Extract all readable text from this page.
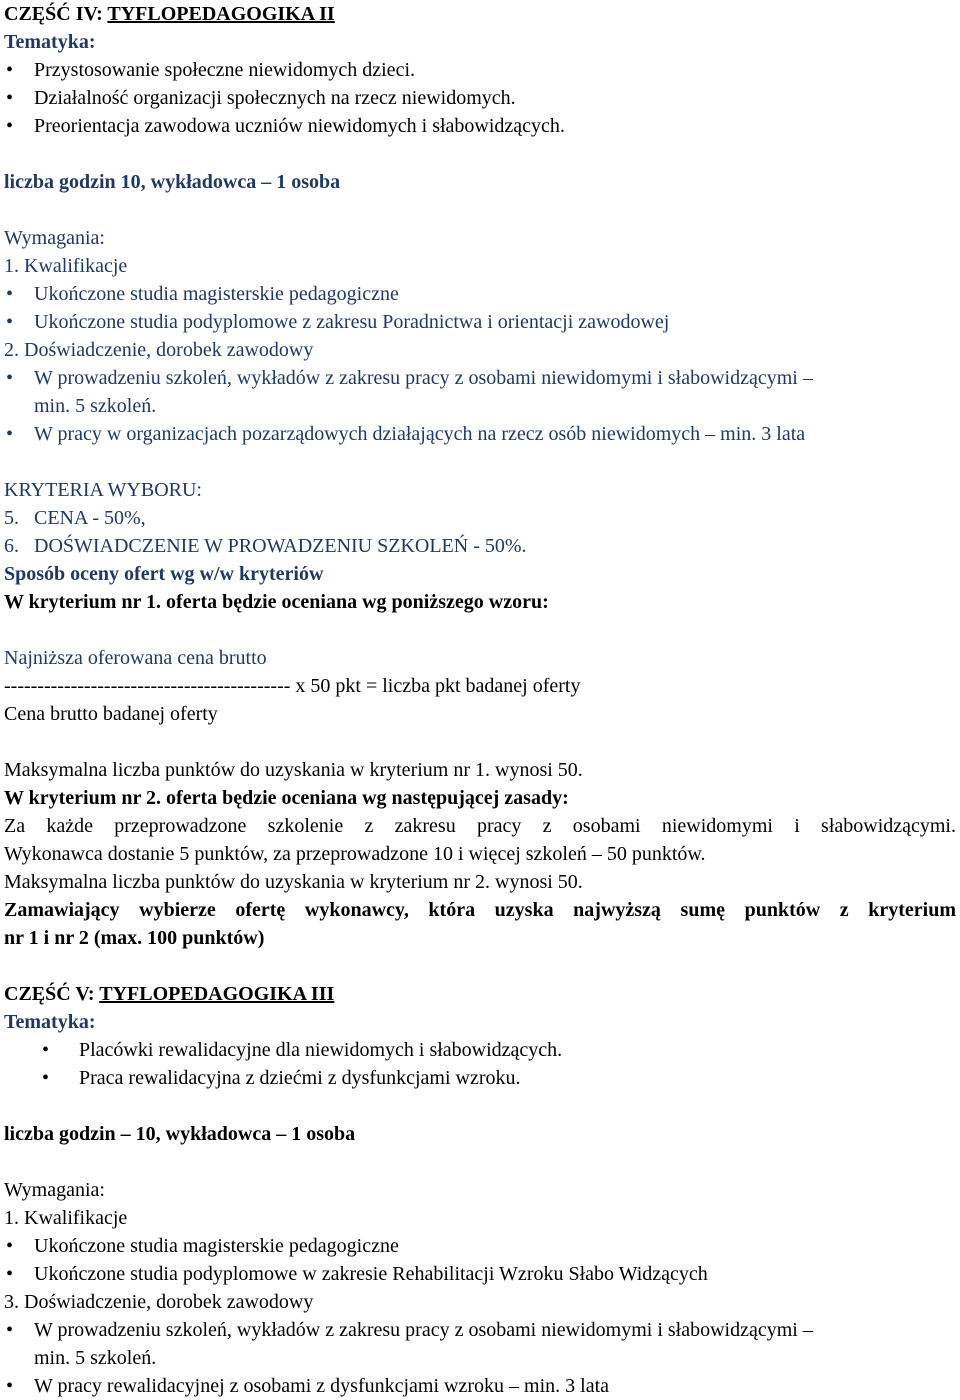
CZĘŚĆ IV: TYFLOPEDAGOGIKA II
Tematyka:
• Przystosowanie społeczne niewidomych dzieci.
• Działalność organizacji społecznych na rzecz niewidomych.
• Preorientacja zawodowa uczniów niewidomych i słabowidzących.
liczba godzin 10, wykładowca – 1 osoba
Wymagania:
1. Kwalifikacje
• Ukończone studia magisterskie pedagogiczne
• Ukończone studia podyplomowe z zakresu Poradnictwa i orientacji zawodowej
2. Doświadczenie, dorobek zawodowy
• W prowadzeniu szkoleń, wykładów z zakresu pracy z osobami niewidomymi i słabowidzącymi –
min. 5 szkoleń.
• W pracy w organizacjach pozarządowych działających na rzecz osób niewidomych – min. 3 lata
KRYTERIA WYBORU:
5.   CENA - 50%,
6.   DOŚWIADCZENIE W PROWADZENIU SZKOLEŃ - 50%.
Sposób oceny ofert wg w/w kryteriów
W kryterium nr 1. oferta będzie oceniana wg poniższego wzoru:
Najniższa oferowana cena brutto
------------------------------------------- x 50 pkt = liczba pkt badanej oferty
Cena brutto badanej oferty
Maksymalna liczba punktów do uzyskania w kryterium nr 1. wynosi 50.
W kryterium nr 2. oferta będzie oceniana wg następującej zasady:
Za każde przeprowadzone szkolenie z zakresu pracy z osobami niewidomymi i słabowidzącymi.
Wykonawca dostanie 5 punktów, za przeprowadzone 10 i więcej szkoleń – 50 punktów.
Maksymalna liczba punktów do uzyskania w kryterium nr 2. wynosi 50.
Zamawiający wybierze ofertę wykonawcy, która uzyska najwyższą sumę punktów z kryterium
nr 1 i nr 2 (max. 100 punktów)
CZĘŚĆ V: TYFLOPEDAGOGIKA III
Tematyka:
• Placówki rewalidacyjne dla niewidomych i słabowidzących.
• Praca rewalidacyjna z dziećmi z dysfunkcjami wzroku.
liczba godzin – 10, wykładowca – 1 osoba
Wymagania:
1. Kwalifikacje
• Ukończone studia magisterskie pedagogiczne
• Ukończone studia podyplomowe w zakresie Rehabilitacji Wzroku Słabo Widzących
3. Doświadczenie, dorobek zawodowy
• W prowadzeniu szkoleń, wykładów z zakresu pracy z osobami niewidomymi i słabowidzącymi –
min. 5 szkoleń.
• W pracy rewalidacyjnej z osobami z dysfunkcjami wzroku – min. 3 lata
